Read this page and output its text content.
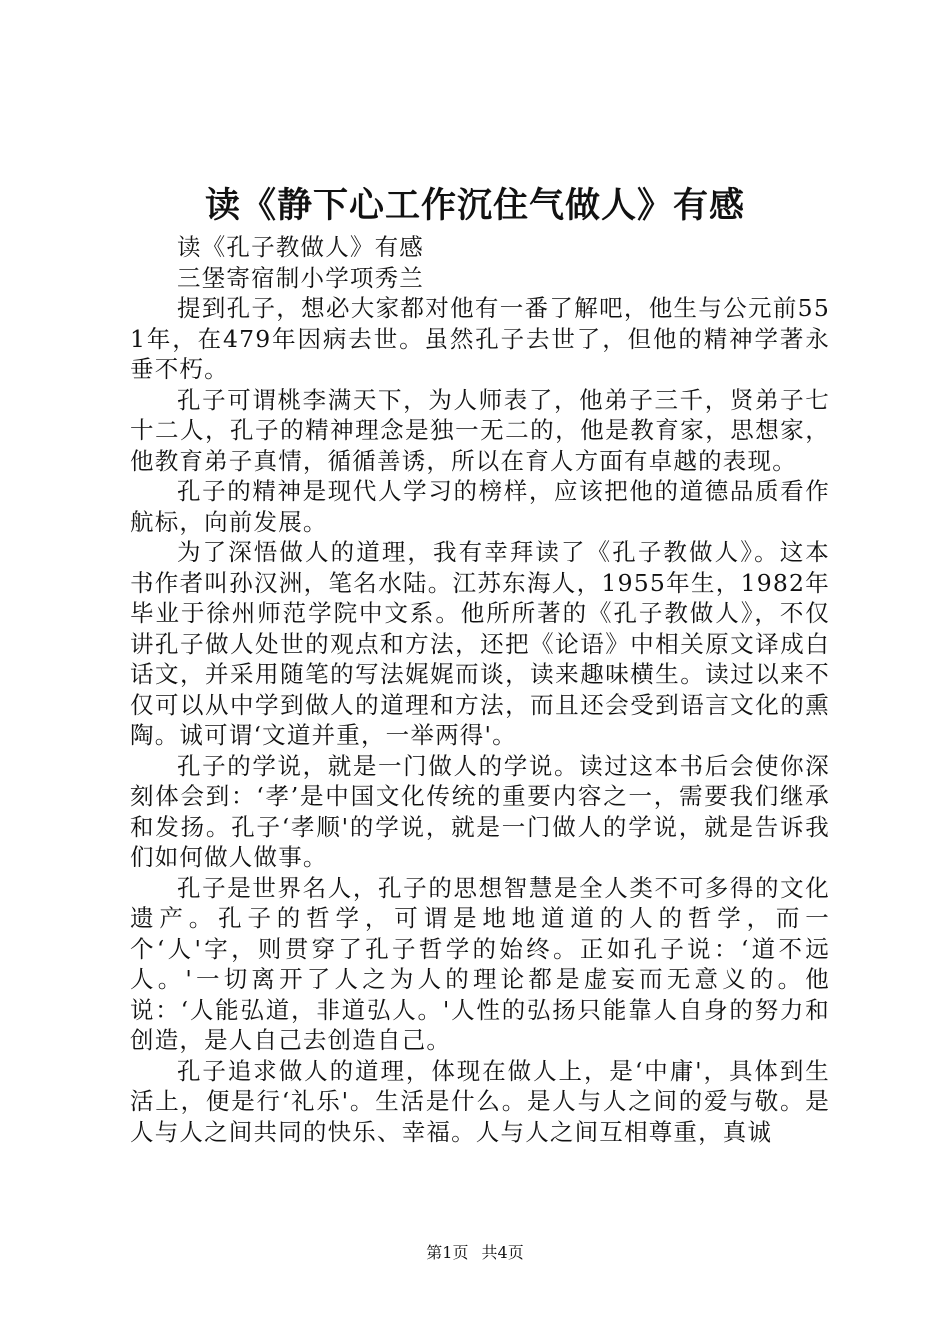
读《静下心工作沉住气做人》有感

读《孔子教做人》有感

三堡寄宿制小学项秀兰

提到孔子，想必大家都对他有一番了解吧，他生与公元前551年，在479年因病去世。虽然孔子去世了，但他的精神学著永垂不朽。

孔子可谓桃李满天下，为人师表了，他弟子三千，贤弟子七十二人，孔子的精神理念是独一无二的，他是教育家，思想家，他教育弟子真情，循循善诱，所以在育人方面有卓越的表现。

孔子的精神是现代人学习的榜样，应该把他的道德品质看作航标，向前发展。

为了深悟做人的道理，我有幸拜读了《孔子教做人》。这本书作者叫孙汉洲，笔名水陆。江苏东海人，1955年生，1982年毕业于徐州师范学院中文系。他所所著的《孔子教做人》，不仅讲孔子做人处世的观点和方法，还把《论语》中相关原文译成白话文，并采用随笔的写法娓娓而谈，读来趣味横生。读过以来不仅可以从中学到做人的道理和方法，而且还会受到语言文化的熏陶。诚可谓‘文道并重，一举两得'。

孔子的学说，就是一门做人的学说。读过这本书后会使你深刻体会到：‘孝’是中国文化传统的重要内容之一，需要我们继承和发扬。孔子‘孝顺'的学说，就是一门做人的学说，就是告诉我们如何做人做事。

孔子是世界名人，孔子的思想智慧是全人类不可多得的文化遗产。孔子的哲学，可谓是地地道道的人的哲学，而一个‘人'字，则贯穿了孔子哲学的始终。正如孔子说：‘道不远人。'一切离开了人之为人的理论都是虚妄而无意义的。他说：‘人能弘道，非道弘人。'人性的弘扬只能靠人自身的努力和创造，是人自己去创造自己。

孔子追求做人的道理，体现在做人上，是‘中庸'，具体到生活上，便是行‘礼乐'。生活是什么。是人与人之间的爱与敬。是人与人之间共同的快乐、幸福。人与人之间互相尊重，真诚

第1页 共4页
